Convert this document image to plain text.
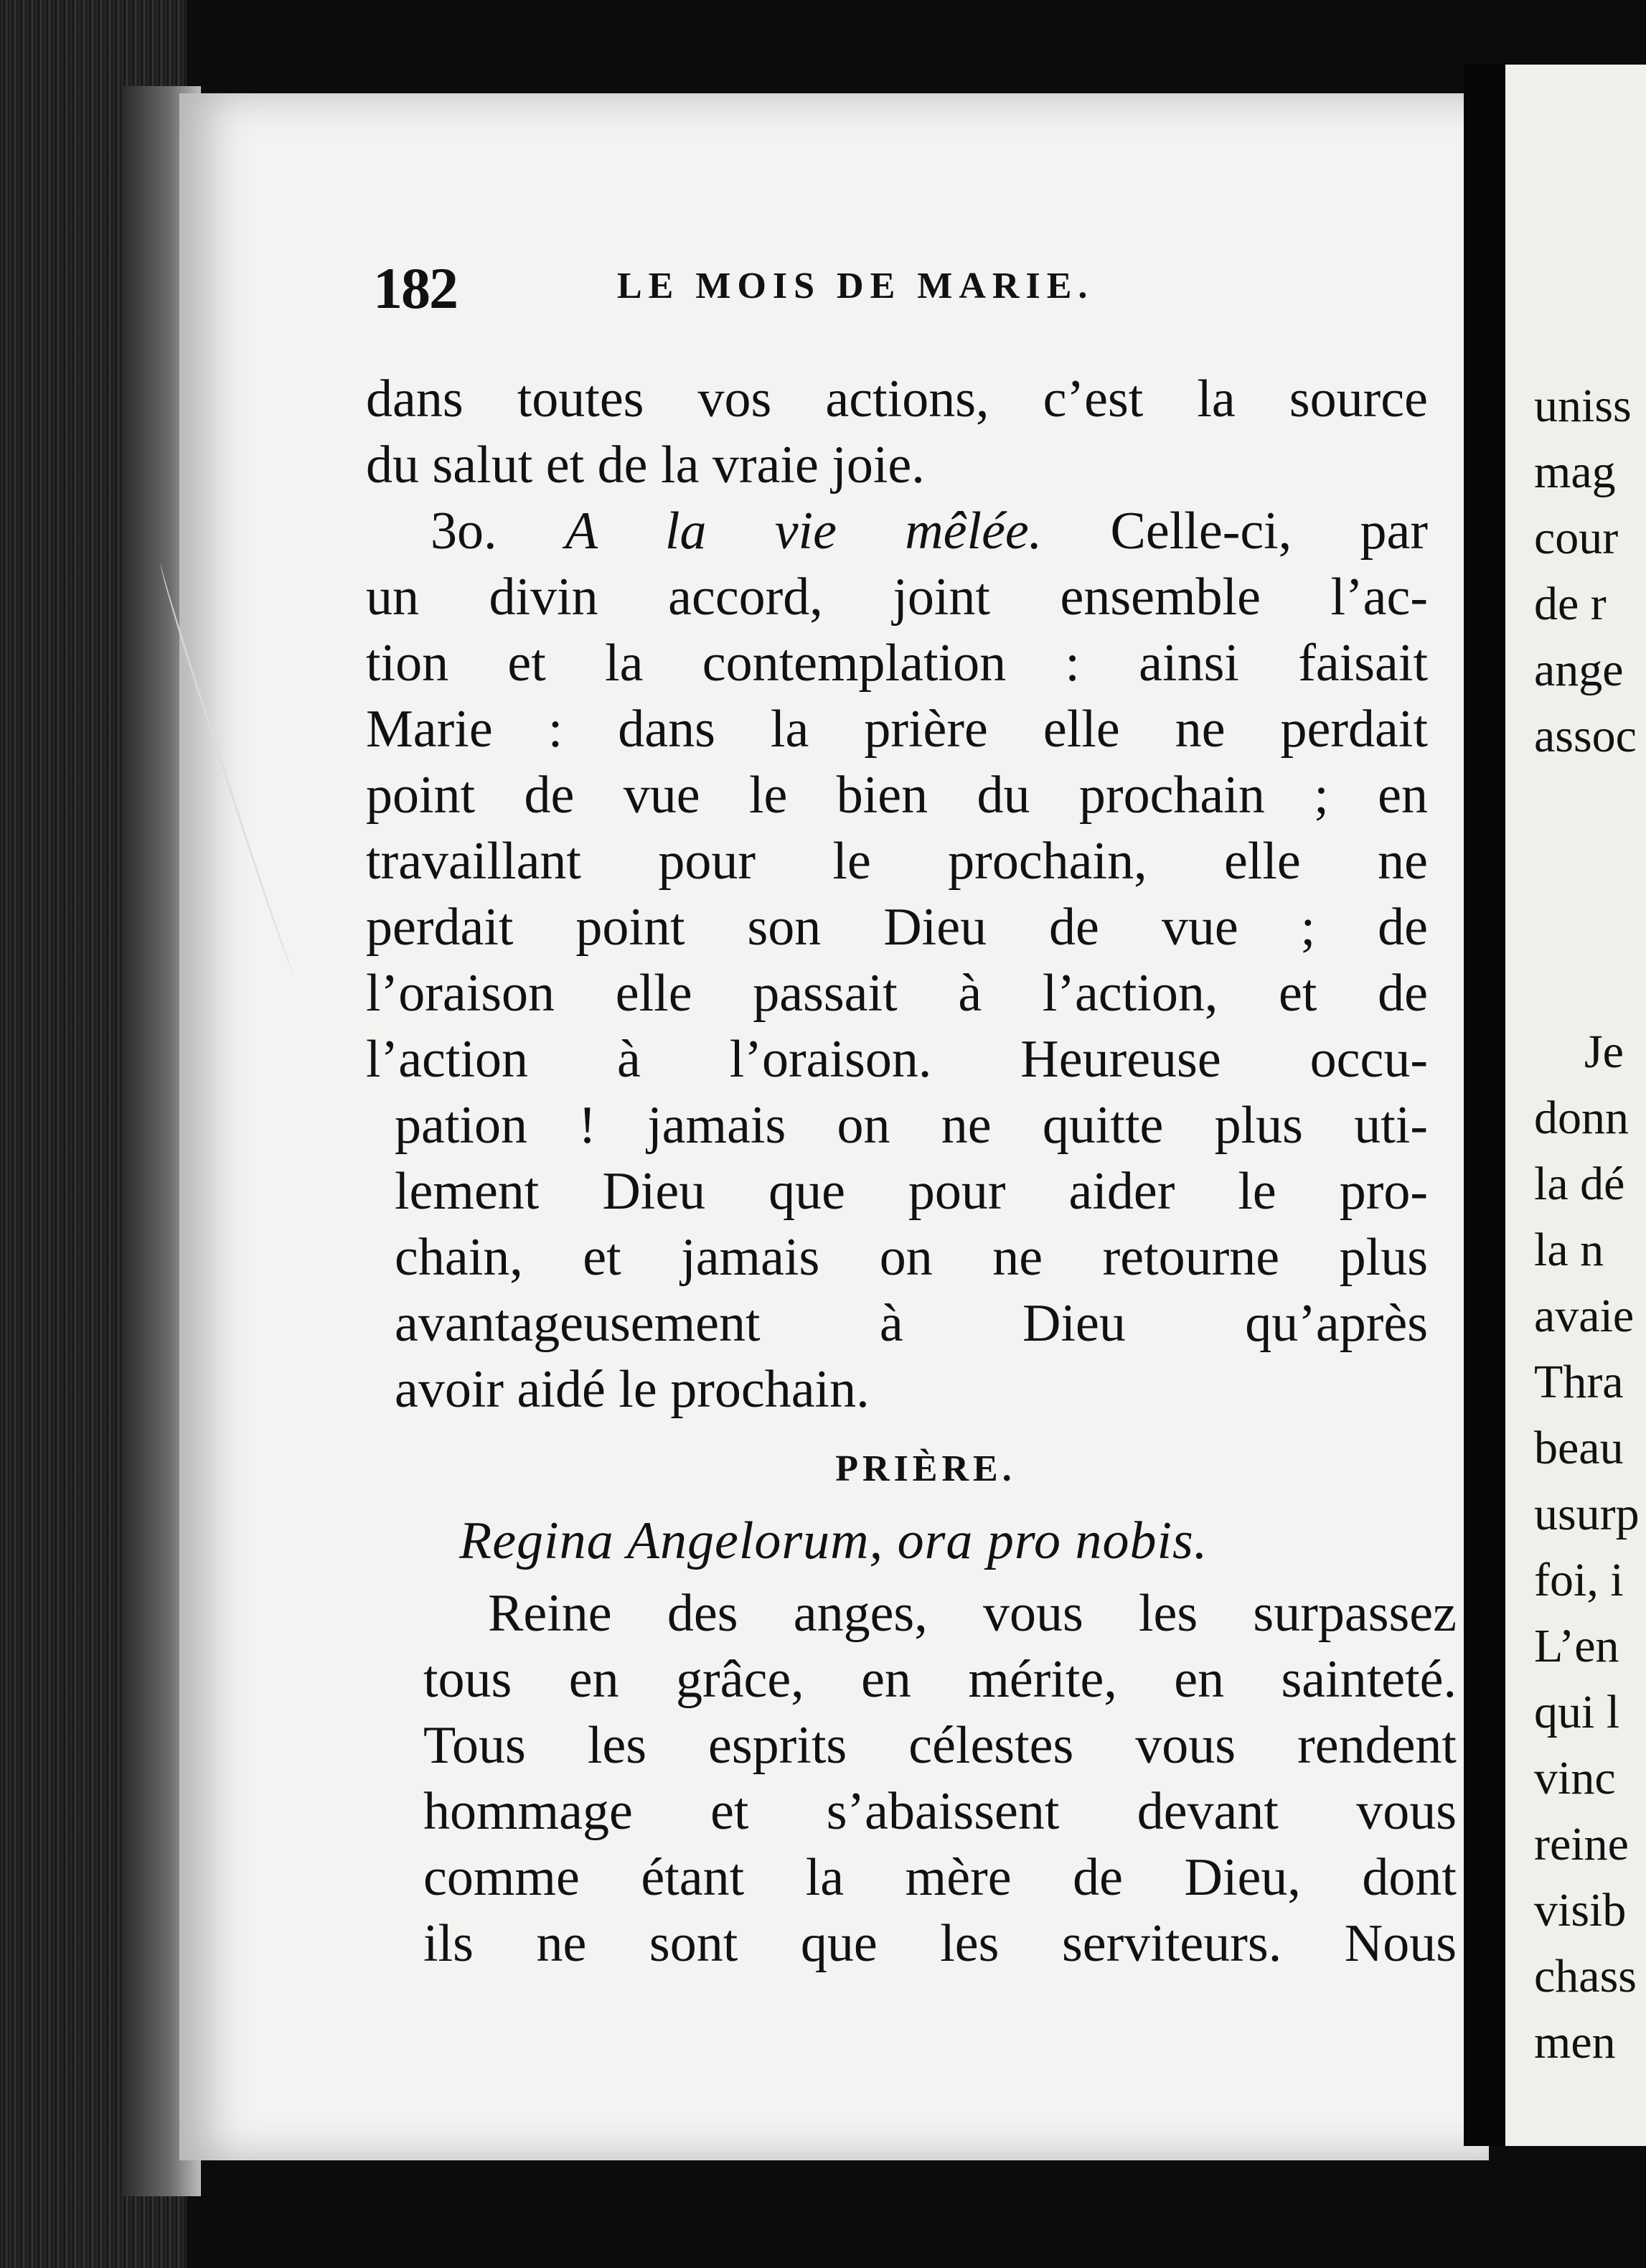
uniss
mag
cour
de r
ange
assoc
Je
donn
la dé
la n
avaie
Thra
beau
usurp
foi, i
L’en
qui l
vinc
reine
visib
chass
men
182	LE MOIS DE MARIE.
dans toutes vos actions, c’est la source
du salut et de la vraie joie.
3o. A la vie mêlée. Celle-ci, par
un divin accord, joint ensemble l’ac-
tion et la contemplation : ainsi faisait
Marie : dans la prière elle ne perdait
point de vue le bien du prochain ; en
travaillant pour le prochain, elle ne
perdait point son Dieu de vue ; de
l’oraison elle passait à l’action, et de
l’action à l’oraison. Heureuse occu-
pation ! jamais on ne quitte plus uti-
lement Dieu que pour aider le pro-
chain, et jamais on ne retourne plus
avantageusement à Dieu qu’après
avoir aidé le prochain.
PRIÈRE.
Regina Angelorum, ora pro nobis.
Reine des anges, vous les surpassez
tous en grâce, en mérite, en sainteté.
Tous les esprits célestes vous rendent
hommage et s’abaissent devant vous
comme étant la mère de Dieu, dont
ils ne sont que les serviteurs. Nous
